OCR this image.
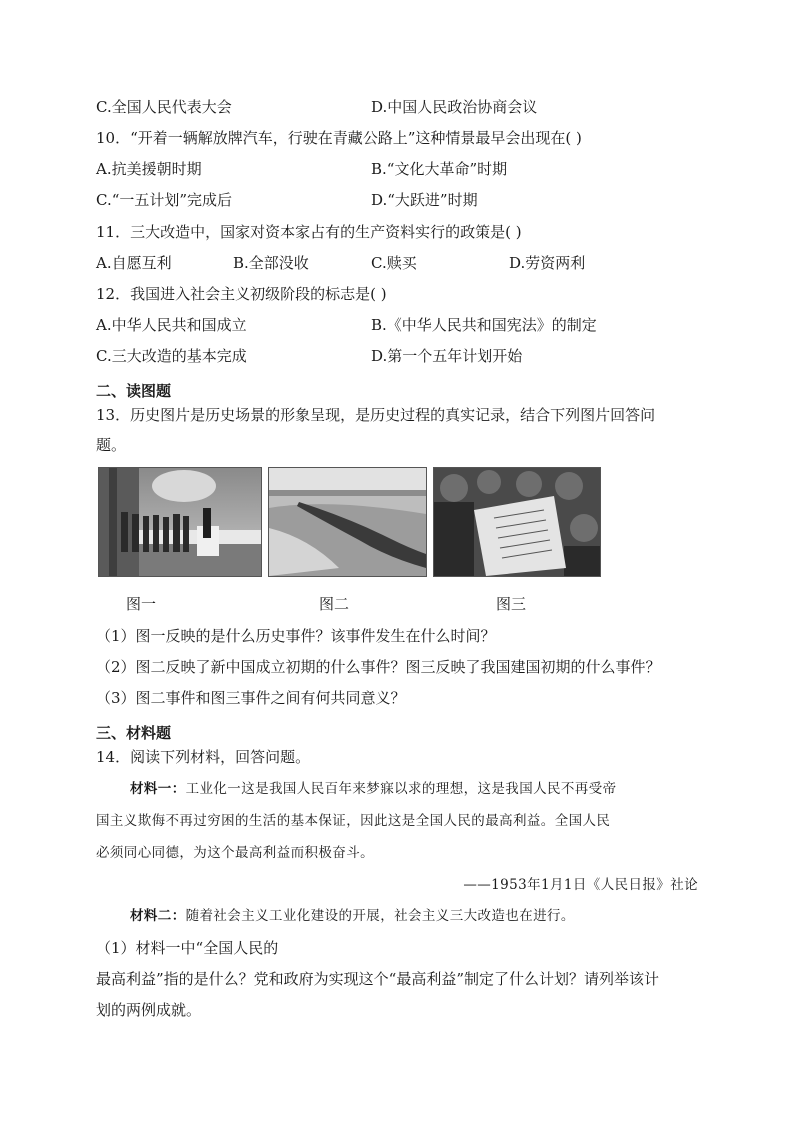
C.全国人民代表大会	D.中国人民政治协商会议
10．“开着一辆解放牌汽车，行驶在青藏公路上”这种情景最早会出现在( )
A.抗美援朝时期	B.“文化大革命”时期
C.“一五计划”完成后	D.“大跃进”时期
11．三大改造中，国家对资本家占有的生产资料实行的政策是( )
A.自愿互利	B.全部没收	C.赎买	D.劳资两利
12．我国进入社会主义初级阶段的标志是( )
A.中华人民共和国成立	B.《中华人民共和国宪法》的制定
C.三大改造的基本完成	D.第一个五年计划开始
二、读图题
13．历史图片是历史场景的形象呈现，是历史过程的真实记录，结合下列图片回答问
题。
图一	图二	图三
（1）图一反映的是什么历史事件？该事件发生在什么时间？
（2）图二反映了新中国成立初期的什么事件？图三反映了我国建国初期的什么事件？
（3）图二事件和图三事件之间有何共同意义？
三、材料题
14．阅读下列材料，回答问题。
材料一：工业化一这是我国人民百年来梦寐以求的理想，这是我国人民不再受帝
国主义欺侮不再过穷困的生活的基本保证，因此这是全国人民的最高利益。全国人民
必须同心同德，为这个最高利益而积极奋斗。
——1953年1月1日《人民日报》社论
材料二：随着社会主义工业化建设的开展，社会主义三大改造也在进行。
（1）材料一中“全国人民的
最高利益”指的是什么？党和政府为实现这个“最高利益”制定了什么计划？请列举该计
划的两例成就。
